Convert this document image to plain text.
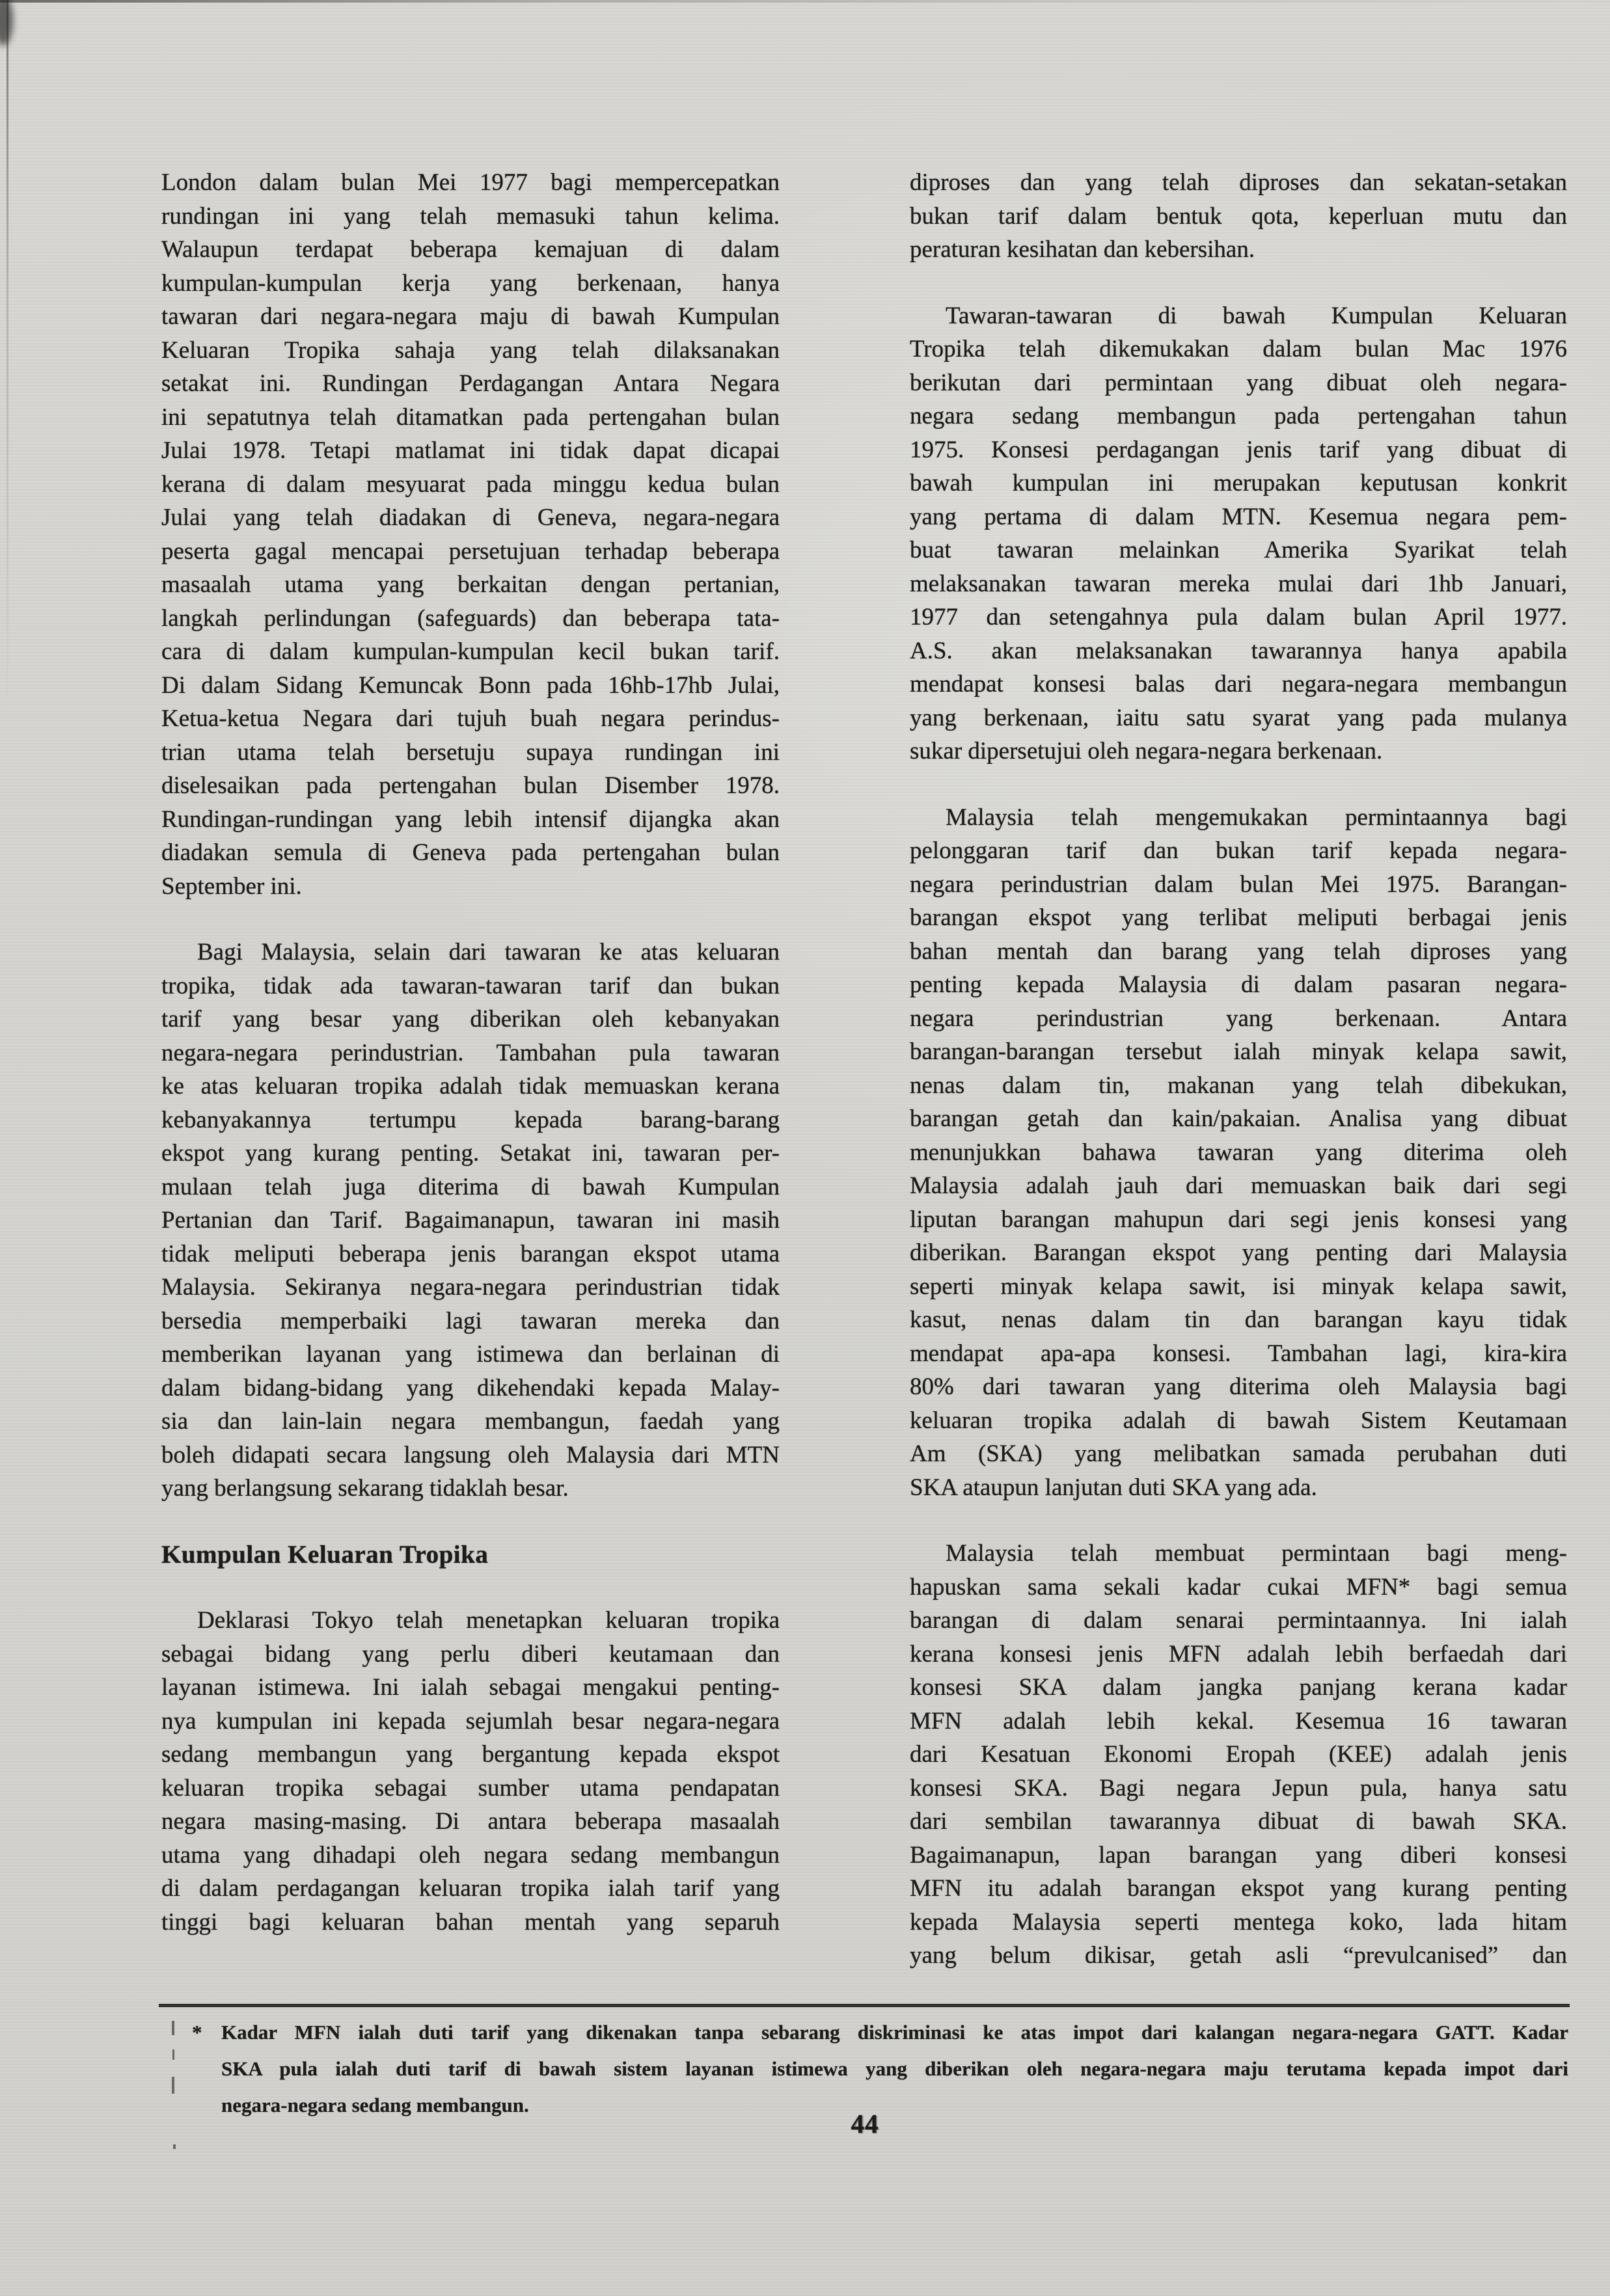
London dalam bulan Mei 1977 bagi mempercepatkan
rundingan ini yang telah memasuki tahun kelima.
Walaupun terdapat beberapa kemajuan di dalam
kumpulan-kumpulan kerja yang berkenaan, hanya
tawaran dari negara-negara maju di bawah Kumpulan
Keluaran Tropika sahaja yang telah dilaksanakan
setakat ini. Rundingan Perdagangan Antara Negara
ini sepatutnya telah ditamatkan pada pertengahan bulan
Julai 1978. Tetapi matlamat ini tidak dapat dicapai
kerana di dalam mesyuarat pada minggu kedua bulan
Julai yang telah diadakan di Geneva, negara-negara
peserta gagal mencapai persetujuan terhadap beberapa
masaalah utama yang berkaitan dengan pertanian,
langkah perlindungan (safeguards) dan beberapa tata-
cara di dalam kumpulan-kumpulan kecil bukan tarif.
Di dalam Sidang Kemuncak Bonn pada 16hb-17hb Julai,
Ketua-ketua Negara dari tujuh buah negara perindus-
trian utama telah bersetuju supaya rundingan ini
diselesaikan pada pertengahan bulan Disember 1978.
Rundingan-rundingan yang lebih intensif dijangka akan
diadakan semula di Geneva pada pertengahan bulan
September ini.
Bagi Malaysia, selain dari tawaran ke atas keluaran
tropika, tidak ada tawaran-tawaran tarif dan bukan
tarif yang besar yang diberikan oleh kebanyakan
negara-negara perindustrian. Tambahan pula tawaran
ke atas keluaran tropika adalah tidak memuaskan kerana
kebanyakannya tertumpu kepada barang-barang
ekspot yang kurang penting. Setakat ini, tawaran per-
mulaan telah juga diterima di bawah Kumpulan
Pertanian dan Tarif. Bagaimanapun, tawaran ini masih
tidak meliputi beberapa jenis barangan ekspot utama
Malaysia. Sekiranya negara-negara perindustrian tidak
bersedia memperbaiki lagi tawaran mereka dan
memberikan layanan yang istimewa dan berlainan di
dalam bidang-bidang yang dikehendaki kepada Malay-
sia dan lain-lain negara membangun, faedah yang
boleh didapati secara langsung oleh Malaysia dari MTN
yang berlangsung sekarang tidaklah besar.
Kumpulan Keluaran Tropika
Deklarasi Tokyo telah menetapkan keluaran tropika
sebagai bidang yang perlu diberi keutamaan dan
layanan istimewa. Ini ialah sebagai mengakui penting-
nya kumpulan ini kepada sejumlah besar negara-negara
sedang membangun yang bergantung kepada ekspot
keluaran tropika sebagai sumber utama pendapatan
negara masing-masing. Di antara beberapa masaalah
utama yang dihadapi oleh negara sedang membangun
di dalam perdagangan keluaran tropika ialah tarif yang
tinggi bagi keluaran bahan mentah yang separuh
diproses dan yang telah diproses dan sekatan-setakan
bukan tarif dalam bentuk qota, keperluan mutu dan
peraturan kesihatan dan kebersihan.
Tawaran-tawaran di bawah Kumpulan Keluaran
Tropika telah dikemukakan dalam bulan Mac 1976
berikutan dari permintaan yang dibuat oleh negara-
negara sedang membangun pada pertengahan tahun
1975. Konsesi perdagangan jenis tarif yang dibuat di
bawah kumpulan ini merupakan keputusan konkrit
yang pertama di dalam MTN. Kesemua negara pem-
buat tawaran melainkan Amerika Syarikat telah
melaksanakan tawaran mereka mulai dari 1hb Januari,
1977 dan setengahnya pula dalam bulan April 1977.
A.S. akan melaksanakan tawarannya hanya apabila
mendapat konsesi balas dari negara-negara membangun
yang berkenaan, iaitu satu syarat yang pada mulanya
sukar dipersetujui oleh negara-negara berkenaan.
Malaysia telah mengemukakan permintaannya bagi
pelonggaran tarif dan bukan tarif kepada negara-
negara perindustrian dalam bulan Mei 1975. Barangan-
barangan ekspot yang terlibat meliputi berbagai jenis
bahan mentah dan barang yang telah diproses yang
penting kepada Malaysia di dalam pasaran negara-
negara perindustrian yang berkenaan. Antara
barangan-barangan tersebut ialah minyak kelapa sawit,
nenas dalam tin, makanan yang telah dibekukan,
barangan getah dan kain/pakaian. Analisa yang dibuat
menunjukkan bahawa tawaran yang diterima oleh
Malaysia adalah jauh dari memuaskan baik dari segi
liputan barangan mahupun dari segi jenis konsesi yang
diberikan. Barangan ekspot yang penting dari Malaysia
seperti minyak kelapa sawit, isi minyak kelapa sawit,
kasut, nenas dalam tin dan barangan kayu tidak
mendapat apa-apa konsesi. Tambahan lagi, kira-kira
80% dari tawaran yang diterima oleh Malaysia bagi
keluaran tropika adalah di bawah Sistem Keutamaan
Am (SKA) yang melibatkan samada perubahan duti
SKA ataupun lanjutan duti SKA yang ada.
Malaysia telah membuat permintaan bagi meng-
hapuskan sama sekali kadar cukai MFN* bagi semua
barangan di dalam senarai permintaannya. Ini ialah
kerana konsesi jenis MFN adalah lebih berfaedah dari
konsesi SKA dalam jangka panjang kerana kadar
MFN adalah lebih kekal. Kesemua 16 tawaran
dari Kesatuan Ekonomi Eropah (KEE) adalah jenis
konsesi SKA. Bagi negara Jepun pula, hanya satu
dari sembilan tawarannya dibuat di bawah SKA.
Bagaimanapun, lapan barangan yang diberi konsesi
MFN itu adalah barangan ekspot yang kurang penting
kepada Malaysia seperti mentega koko, lada hitam
yang belum dikisar, getah asli “prevulcanised” dan
* Kadar MFN ialah duti tarif yang dikenakan tanpa sebarang diskriminasi ke atas impot dari kalangan negara-negara GATT. Kadar
SKA pula ialah duti tarif di bawah sistem layanan istimewa yang diberikan oleh negara-negara maju terutama kepada impot dari
negara-negara sedang membangun.
44
